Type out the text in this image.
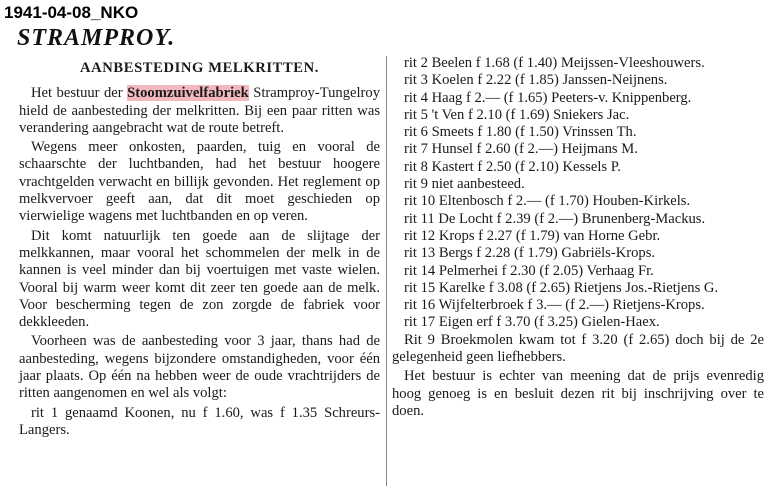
1941-04-08_NKO
STRAMPROY.

AANBESTEDING MELKRITTEN.

Het bestuur der Stoomzuivelfabriek Stramproy-Tungelroy hield de aanbesteding der melkritten. Bij een paar ritten was verandering aangebracht wat de route betreft.

Wegens meer onkosten, paarden, tuig en vooral de schaarschte der luchtbanden, had het bestuur hoogere vrachtgelden verwacht en billijk gevonden. Het reglement op melkvervoer geeft aan, dat dit moet geschieden op vierwielige wagens met luchtbanden en op veren.

Dit komt natuurlijk ten goede aan de slijtage der melkkannen, maar vooral het schommelen der melk in de kannen is veel minder dan bij voertuigen met vaste wielen. Vooral bij warm weer komt dit zeer ten goede aan de melk. Voor bescherming tegen de zon zorgde de fabriek voor dekkleeden.

Voorheen was de aanbesteding voor 3 jaar, thans had de aanbesteding, wegens bijzondere omstandigheden, voor één jaar plaats. Op één na hebben weer de oude vrachtrijders de ritten aangenomen en wel als volgt:

rit 1 genaamd Koonen, nu f 1.60, was f 1.35 Schreurs-Langers.

rit 2 Beelen f 1.68 (f 1.40) Meijssen-Vleeshouwers.

rit 3 Koelen f 2.22 (f 1.85) Janssen-Neijnens.

rit 4 Haag f 2.— (f 1.65) Peeters-v. Knippenberg.

rit 5 't Ven f 2.10 (f 1.69) Sniekers Jac.

rit 6 Smeets f 1.80 (f 1.50) Vrinssen Th.

rit 7 Hunsel f 2.60 (f 2.—) Heijmans M.

rit 8 Kastert f 2.50 (f 2.10) Kessels P.

rit 9 niet aanbesteed.

rit 10 Eltenbosch f 2.— (f 1.70) Houben-Kirkels.

rit 11 De Locht f 2.39 (f 2.—) Brunenberg-Mackus.

rit 12 Krops f 2.27 (f 1.79) van Horne Gebr.

rit 13 Bergs f 2.28 (f 1.79) Gabriëls-Krops.

rit 14 Pelmerhei f 2.30 (f 2.05) Verhaag Fr.

rit 15 Karelke f 3.08 (f 2.65) Rietjens Jos.-Rietjens G.

rit 16 Wijfelterbroek f 3.— (f 2.—) Rietjens-Krops.

rit 17 Eigen erf f 3.70 (f 3.25) Gielen-Haex.

Rit 9 Broekmolen kwam tot f 3.20 (f 2.65) doch bij de 2e gelegenheid geen liefhebbers.

Het bestuur is echter van meening dat de prijs evenredig hoog genoeg is en besluit dezen rit bij inschrijving over te doen.
